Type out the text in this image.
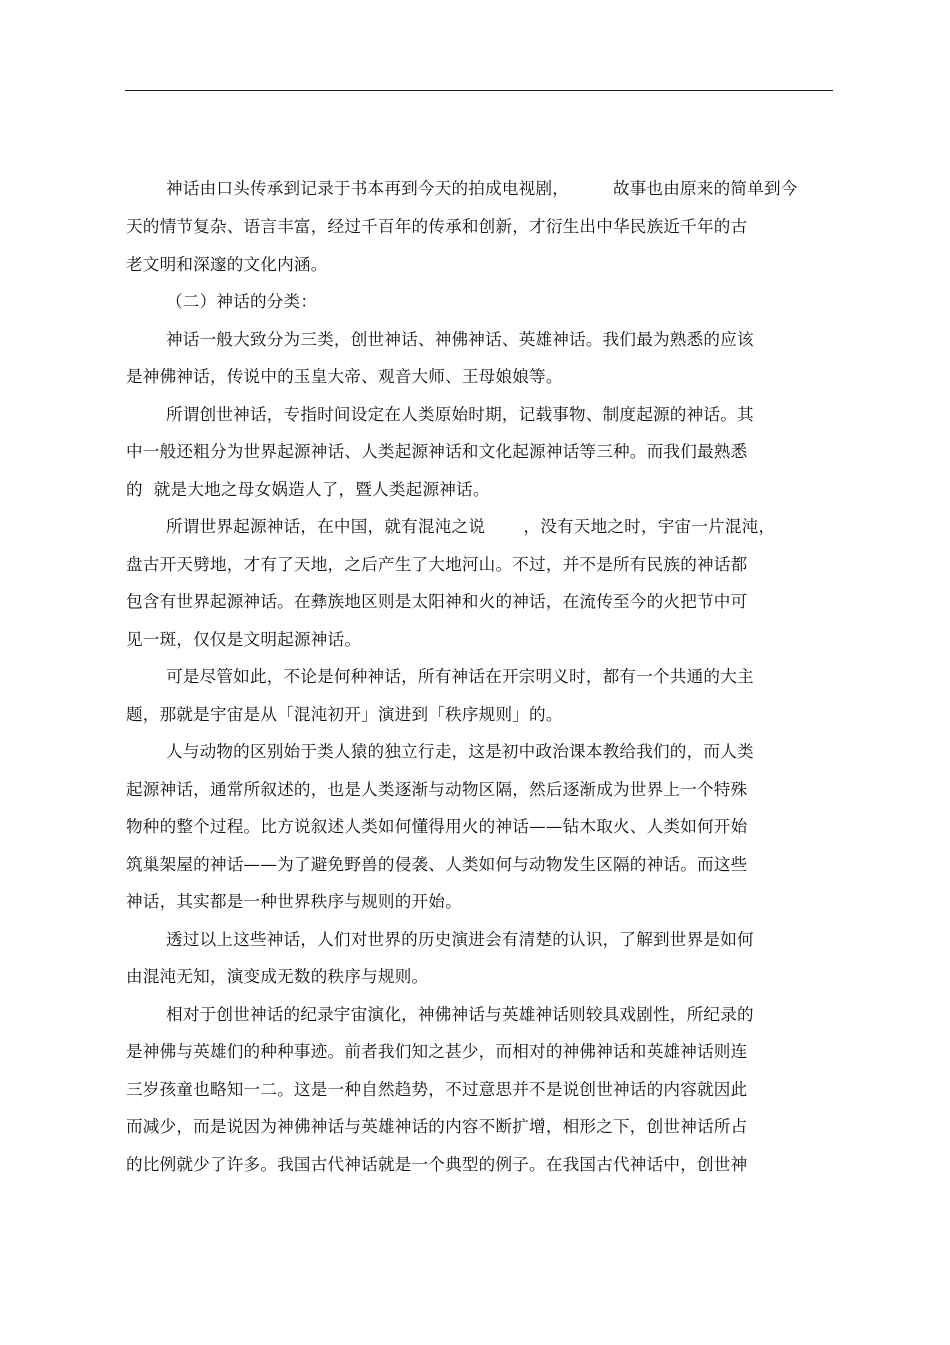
神话由口头传承到记录于书本再到今天的拍成电视剧，        故事也由原来的简单到今
天的情节复杂、语言丰富，经过千百年的传承和创新，才衍生出中华民族近千年的古
老文明和深邃的文化内涵。
（二）神话的分类：
神话一般大致分为三类，创世神话、神佛神话、英雄神话。我们最为熟悉的应该
是神佛神话，传说中的玉皇大帝、观音大师、王母娘娘等。
所谓创世神话，专指时间设定在人类原始时期，记载事物、制度起源的神话。其
中一般还粗分为世界起源神话、人类起源神话和文化起源神话等三种。而我们最熟悉
的  就是大地之母女娲造人了，暨人类起源神话。
所谓世界起源神话，在中国，就有混沌之说       ，没有天地之时，宇宙一片混沌，
盘古开天劈地，才有了天地，之后产生了大地河山。不过，并不是所有民族的神话都
包含有世界起源神话。在彝族地区则是太阳神和火的神话，在流传至今的火把节中可
见一斑，仅仅是文明起源神话。
可是尽管如此，不论是何种神话，所有神话在开宗明义时，都有一个共通的大主
题，那就是宇宙是从「混沌初开」演进到「秩序规则」的。
人与动物的区别始于类人猿的独立行走，这是初中政治课本教给我们的，而人类
起源神话，通常所叙述的，也是人类逐渐与动物区隔，然后逐渐成为世界上一个特殊
物种的整个过程。比方说叙述人类如何懂得用火的神话——钻木取火、人类如何开始
筑巢架屋的神话——为了避免野兽的侵袭、人类如何与动物发生区隔的神话。而这些
神话，其实都是一种世界秩序与规则的开始。
透过以上这些神话，人们对世界的历史演进会有清楚的认识，了解到世界是如何
由混沌无知，演变成无数的秩序与规则。
相对于创世神话的纪录宇宙演化，神佛神话与英雄神话则较具戏剧性，所纪录的
是神佛与英雄们的种种事迹。前者我们知之甚少，而相对的神佛神话和英雄神话则连
三岁孩童也略知一二。这是一种自然趋势，不过意思并不是说创世神话的内容就因此
而减少，而是说因为神佛神话与英雄神话的内容不断扩增，相形之下，创世神话所占
的比例就少了许多。我国古代神话就是一个典型的例子。在我国古代神话中，创世神
